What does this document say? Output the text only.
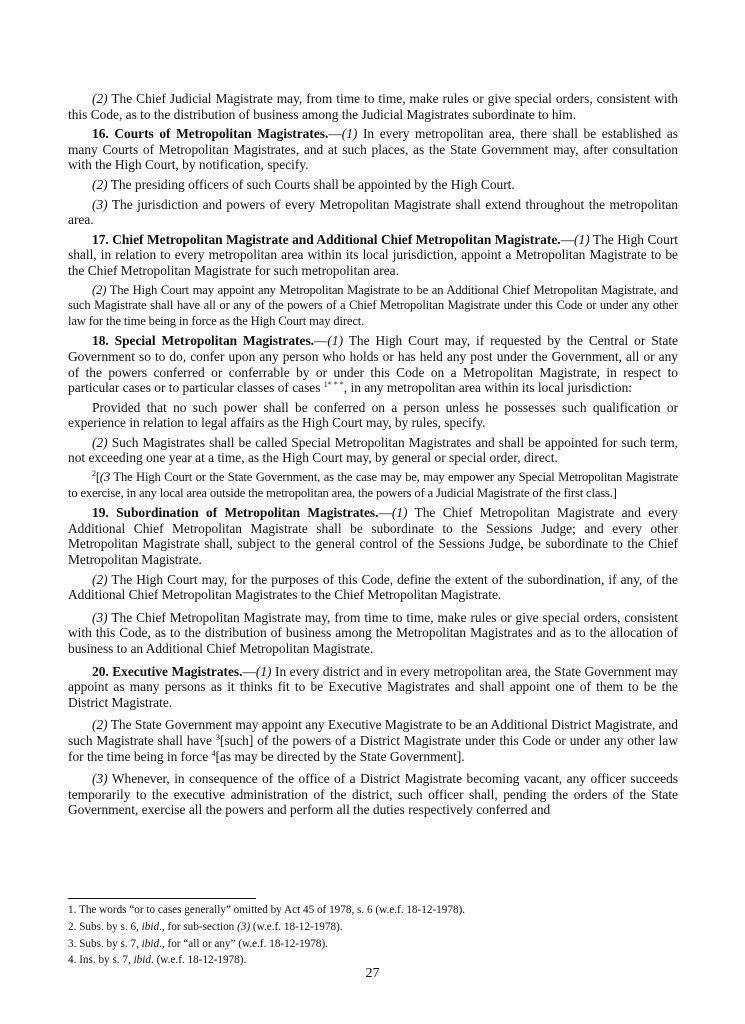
(2) The Chief Judicial Magistrate may, from time to time, make rules or give special orders, consistent with this Code, as to the distribution of business among the Judicial Magistrates subordinate to him.

16. Courts of Metropolitan Magistrates.—(1) In every metropolitan area, there shall be established as many Courts of Metropolitan Magistrates, and at such places, as the State Government may, after consultation with the High Court, by notification, specify.

(2) The presiding officers of such Courts shall be appointed by the High Court.

(3) The jurisdiction and powers of every Metropolitan Magistrate shall extend throughout the metropolitan area.

17. Chief Metropolitan Magistrate and Additional Chief Metropolitan Magistrate.—(1) The High Court shall, in relation to every metropolitan area within its local jurisdiction, appoint a Metropolitan Magistrate to be the Chief Metropolitan Magistrate for such metropolitan area.

(2) The High Court may appoint any Metropolitan Magistrate to be an Additional Chief Metropolitan Magistrate, and such Magistrate shall have all or any of the powers of a Chief Metropolitan Magistrate under this Code or under any other law for the time being in force as the High Court may direct.

18. Special Metropolitan Magistrates.—(1) The High Court may, if requested by the Central or State Government so to do, confer upon any person who holds or has held any post under the Government, all or any of the powers conferred or conferrable by or under this Code on a Metropolitan Magistrate, in respect to particular cases or to particular classes of cases $^{1* * *}$, in any metropolitan area within its local jurisdiction:

Provided that no such power shall be conferred on a person unless he possesses such qualification or experience in relation to legal affairs as the High Court may, by rules, specify.

(2) Such Magistrates shall be called Special Metropolitan Magistrates and shall be appointed for such term, not exceeding one year at a time, as the High Court may, by general or special order, direct.

$^2$[(3 The High Court or the State Government, as the case may be, may empower any Special Metropolitan Magistrate to exercise, in any local area outside the metropolitan area, the powers of a Judicial Magistrate of the first class.]

19. Subordination of Metropolitan Magistrates.—(1) The Chief Metropolitan Magistrate and every Additional Chief Metropolitan Magistrate shall be subordinate to the Sessions Judge; and every other Metropolitan Magistrate shall, subject to the general control of the Sessions Judge, be subordinate to the Chief Metropolitan Magistrate.

(2) The High Court may, for the purposes of this Code, define the extent of the subordination, if any, of the Additional Chief Metropolitan Magistrates to the Chief Metropolitan Magistrate.

(3) The Chief Metropolitan Magistrate may, from time to time, make rules or give special orders, consistent with this Code, as to the distribution of business among the Metropolitan Magistrates and as to the allocation of business to an Additional Chief Metropolitan Magistrate.

20. Executive Magistrates.—(1) In every district and in every metropolitan area, the State Government may appoint as many persons as it thinks fit to be Executive Magistrates and shall appoint one of them to be the District Magistrate.

(2) The State Government may appoint any Executive Magistrate to be an Additional District Magistrate, and such Magistrate shall have $^3$[such] of the powers of a District Magistrate under this Code or under any other law for the time being in force $^4$[as may be directed by the State Government].

(3) Whenever, in consequence of the office of a District Magistrate becoming vacant, any officer succeeds temporarily to the executive administration of the district, such officer shall, pending the orders of the State Government, exercise all the powers and perform all the duties respectively conferred and

1. The words “or to cases generally” omitted by Act 45 of 1978, s. 6 (w.e.f. 18-12-1978).
2. Subs. by s. 6, ibid., for sub-section (3) (w.e.f. 18-12-1978).
3. Subs. by s. 7, ibid., for “all or any” (w.e.f. 18-12-1978).
4. Ins. by s. 7, ibid. (w.e.f. 18-12-1978).
27
